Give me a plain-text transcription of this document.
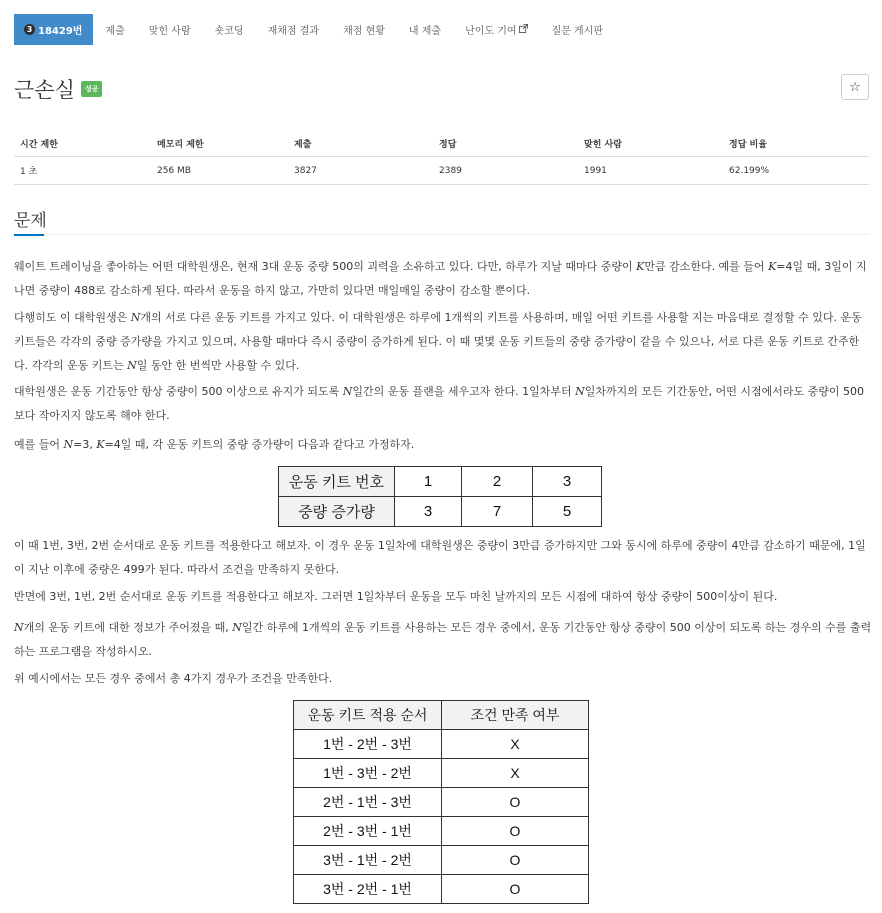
3 18429번 제출 맞힌 사람 숏코딩 재채점 결과 채점 현황 내 제출 난이도 기여	질문 게시판
근손실	성공	☆
시간 제한	메모리 제한	제출	정답	맞힌 사람	정답 비율
1 초	256 MB	3827	2389	1991	62.199%
문제

웨이트 트레이닝을 좋아하는 어떤 대학원생은, 현재 3대 운동 중량 500의 괴력을 소유하고 있다. 다만, 하루가 지날 때마다 중량이 K만큼 감소한다. 예를 들어 K=4일 때, 3일이 지나면 중량이 488로 감소하게 된다. 따라서 운동을 하지 않고, 가만히 있다면 매일매일 중량이 감소할 뿐이다.

다행히도 이 대학원생은 N개의 서로 다른 운동 키트를 가지고 있다. 이 대학원생은 하루에 1개씩의 키트를 사용하며, 매일 어떤 키트를 사용할 지는 마음대로 결정할 수 있다. 운동 키트들은 각각의 중량 증가량을 가지고 있으며, 사용할 때마다 즉시 중량이 증가하게 된다. 이 때 몇몇 운동 키트들의 중량 증가량이 같을 수 있으나, 서로 다른 운동 키트로 간주한다. 각각의 운동 키트는 N일 동안 한 번씩만 사용할 수 있다.

대학원생은 운동 기간동안 항상 중량이 500 이상으로 유지가 되도록 N일간의 운동 플랜을 세우고자 한다. 1일차부터 N일차까지의 모든 기간동안, 어떤 시점에서라도 중량이 500보다 작아지지 않도록 해야 한다.

예를 들어 N=3, K=4일 때, 각 운동 키트의 중량 증가량이 다음과 같다고 가정하자.

운동 키트 번호	1	2	3
중량 증가량	3	7	5

이 때 1번, 3번, 2번 순서대로 운동 키트를 적용한다고 해보자. 이 경우 운동 1일차에 대학원생은 중량이 3만큼 증가하지만 그와 동시에 하루에 중량이 4만큼 감소하기 때문에, 1일이 지난 이후에 중량은 499가 된다. 따라서 조건을 만족하지 못한다.

반면에 3번, 1번, 2번 순서대로 운동 키트를 적용한다고 해보자. 그러면 1일차부터 운동을 모두 마친 날까지의 모든 시점에 대하여 항상 중량이 500이상이 된다.

N개의 운동 키트에 대한 정보가 주어졌을 때, N일간 하루에 1개씩의 운동 키트를 사용하는 모든 경우 중에서, 운동 기간동안 항상 중량이 500 이상이 되도록 하는 경우의 수를 출력하는 프로그램을 작성하시오.

위 예시에서는 모든 경우 중에서 총 4가지 경우가 조건을 만족한다.

운동 키트 적용 순서	조건 만족 여부
1번 - 2번 - 3번	X
1번 - 3번 - 2번	X
2번 - 1번 - 3번	O
2번 - 3번 - 1번	O
3번 - 1번 - 2번	O
3번 - 2번 - 1번	O
